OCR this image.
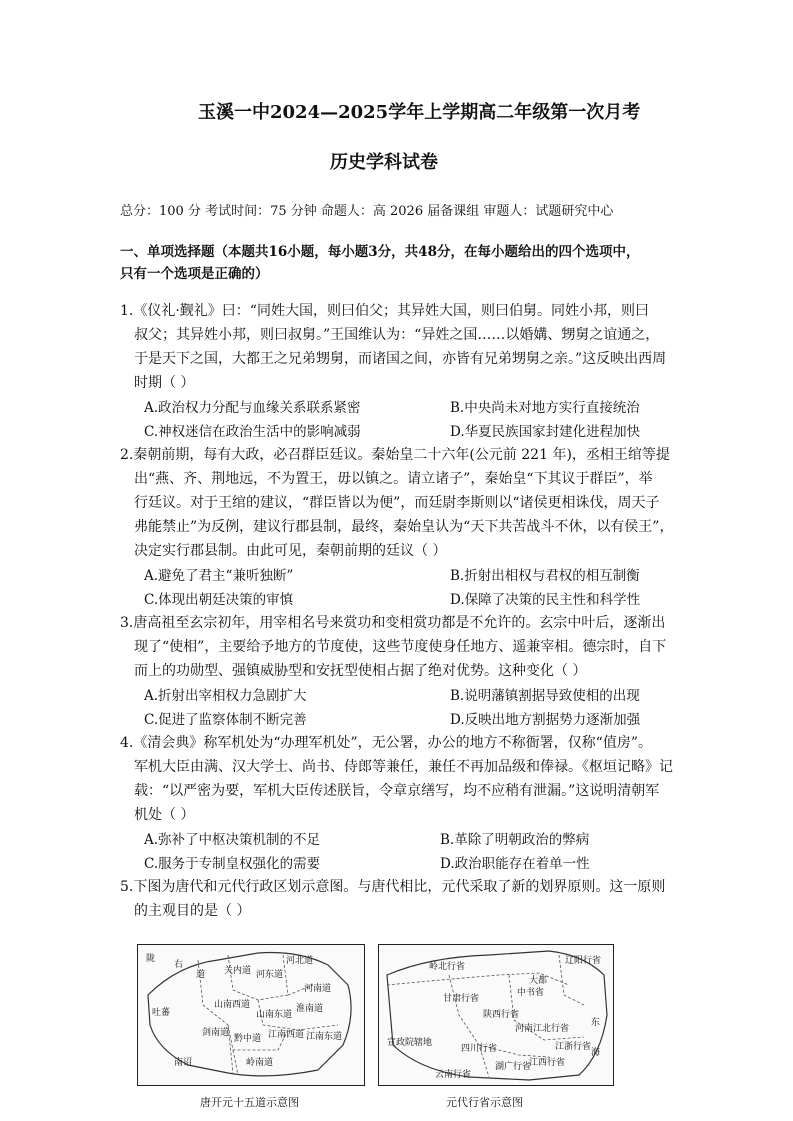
玉溪一中2024—2025学年上学期高二年级第一次月考
历史学科试卷
总分：100 分 考试时间：75 分钟 命题人：高 2026 届备课组 审题人：试题研究中心
一、单项选择题（本题共16小题，每小题3分，共48分，在每小题给出的四个选项中，
只有一个选项是正确的）
1.《仪礼·觐礼》曰：“同姓大国，则曰伯父；其异姓大国，则曰伯舅。同姓小邦，则曰
叔父；其异姓小邦，则曰叔舅。”王国维认为：“异姓之国……以婚媾、甥舅之谊通之，
于是天下之国，大都王之兄弟甥舅，而诸国之间，亦皆有兄弟甥舅之亲。”这反映出西周
时期（ ）
A.政治权力分配与血缘关系联系紧密	B.中央尚未对地方实行直接统治
C.神权迷信在政治生活中的影响减弱	D.华夏民族国家封建化进程加快
2.秦朝前期，每有大政，必召群臣廷议。秦始皇二十六年(公元前 221 年)，丞相王绾等提
出“燕、齐、荆地远，不为置王，毋以镇之。请立诸子”，秦始皇“下其议于群臣”，举
行廷议。对于王绾的建议，“群臣皆以为便”，而廷尉李斯则以“诸侯更相诛伐，周天子
弗能禁止”为反例，建议行郡县制，最终，秦始皇认为“天下共苦战斗不休，以有侯王”，
决定实行郡县制。由此可见，秦朝前期的廷议（ ）
A.避免了君主“兼听独断”	B.折射出相权与君权的相互制衡
C.体现出朝廷决策的审慎	D.保障了决策的民主性和科学性
3.唐高祖至玄宗初年，用宰相名号来赏功和变相赏功都是不允许的。玄宗中叶后，逐渐出
现了“使相”，主要给予地方的节度使，这些节度使身任地方、遥兼宰相。德宗时，自下
而上的功勋型、强镇威胁型和安抚型使相占据了绝对优势。这种变化（ ）
A.折射出宰相权力急剧扩大	B.说明藩镇割据导致使相的出现
C.促进了监察体制不断完善	D.反映出地方割据势力逐渐加强
4.《清会典》称军机处为“办理军机处”，无公署，办公的地方不称衙署，仅称“值房”。
军机大臣由满、汉大学士、尚书、侍郎等兼任，兼任不再加品级和俸禄。《枢垣记略》记
载：“以严密为要，军机大臣传述朕旨，令章京缮写，均不应稍有泄漏。”这说明清朝军
机处（ ）
A.弥补了中枢决策机制的不足	B.革除了明朝政治的弊病
C.服务于专制皇权强化的需要	D.政治职能存在着单一性
5.下图为唐代和元代行政区划示意图。与唐代相比，元代采取了新的划界原则。这一原则
的主观目的是（ ）
陇
右
道 关内道 河东道
河北道
河南道
山南西道
山南东道
淮南道
黔中道	江南东道
江南西道
吐蕃
剑南道
南诏	岭南道
唐开元十五道示意图
辽阳行省
岭北行省
甘肃行省
中书省
大都
陕西行省
河南江北行省
宣政院辖地
四川行省	江浙行省
江西行省
湖广行省
云南行省
东
海
元代行省示意图
